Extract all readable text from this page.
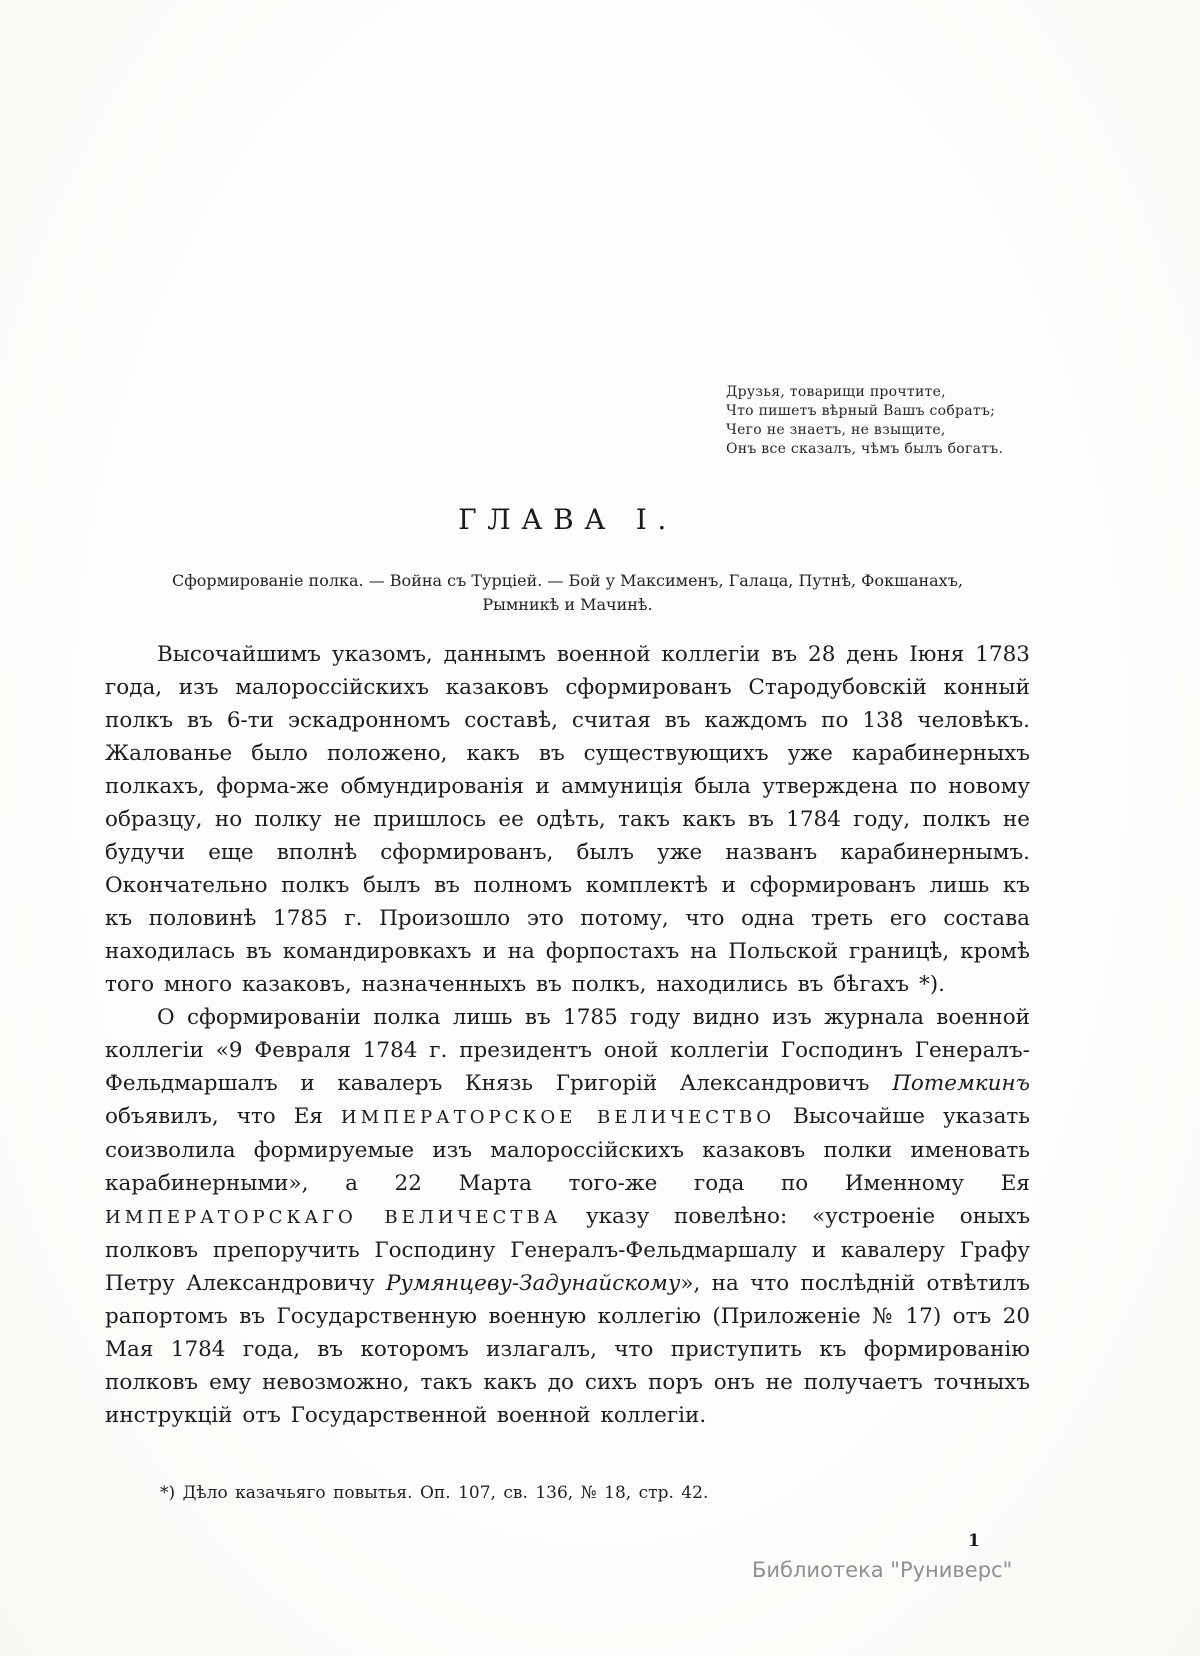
Друзья, товарищи прочтите,
Что пишетъ вѣрный Вашъ собратъ;
Чего не знаетъ, не взыщите,
Онъ все сказалъ, чѣмъ былъ богатъ.
ГЛАВА I.
Сформированіе полка. — Война съ Турціей. — Бой у Максименъ, Галаца, Путнѣ, Фокшанахъ,
Рымникѣ и Мачинѣ.

Высочайшимъ указомъ, даннымъ военной коллегіи въ 28 день Іюня 1783 года, изъ малороссійскихъ казаковъ сформированъ Стародубовскій конный полкъ въ 6-ти эскадронномъ составѣ, считая въ каждомъ по 138 человѣкъ. Жалованье было положено, какъ въ существующихъ уже карабинерныхъ полкахъ, форма-же обмундированія и аммуниція была утверждена по новому образцу, но полку не пришлось ее одѣть, такъ какъ въ 1784 году, полкъ не будучи еще вполнѣ сформированъ, былъ уже названъ карабинернымъ. Окончательно полкъ былъ въ полномъ комплектѣ и сформированъ лишь къ къ половинѣ 1785 г. Произошло это потому, что одна треть его состава находилась въ командировкахъ и на форпостахъ на Польской границѣ, кромѣ того много казаковъ, назначенныхъ въ полкъ, находились въ бѣгахъ *).

О сформированіи полка лишь въ 1785 году видно изъ журнала военной коллегіи «9 Февраля 1784 г. президентъ оной коллегіи Господинъ Генералъ-Фельдмаршалъ и кавалеръ Князь Григорій Александровичъ Потемкинъ объявилъ, что Ея ИМПЕРАТОРСКОЕ ВЕЛИЧЕСТВО Высочайше указать соизволила формируемые изъ малороссійскихъ казаковъ полки именовать карабинерными», а 22 Марта того-же года по Именному Ея ИМПЕРАТОРСКАГО ВЕЛИЧЕСТВА указу повелѣно: «устроеніе оныхъ полковъ препоручить Господину Генералъ-Фельдмаршалу и кавалеру Графу Петру Александровичу Румянцеву-Задунайскому», на что послѣдній отвѣтилъ рапортомъ въ Государственную военную коллегію (Приложеніе № 17) отъ 20 Мая 1784 года, въ которомъ излагалъ, что приступить къ формированію полковъ ему невозможно, такъ какъ до сихъ поръ онъ не получаетъ точныхъ инструкцій отъ Государственной военной коллегіи.

*) Дѣло казачьяго повытья. Оп. 107, св. 136, № 18, стр. 42.
1
Библиотека "Руниверс"
